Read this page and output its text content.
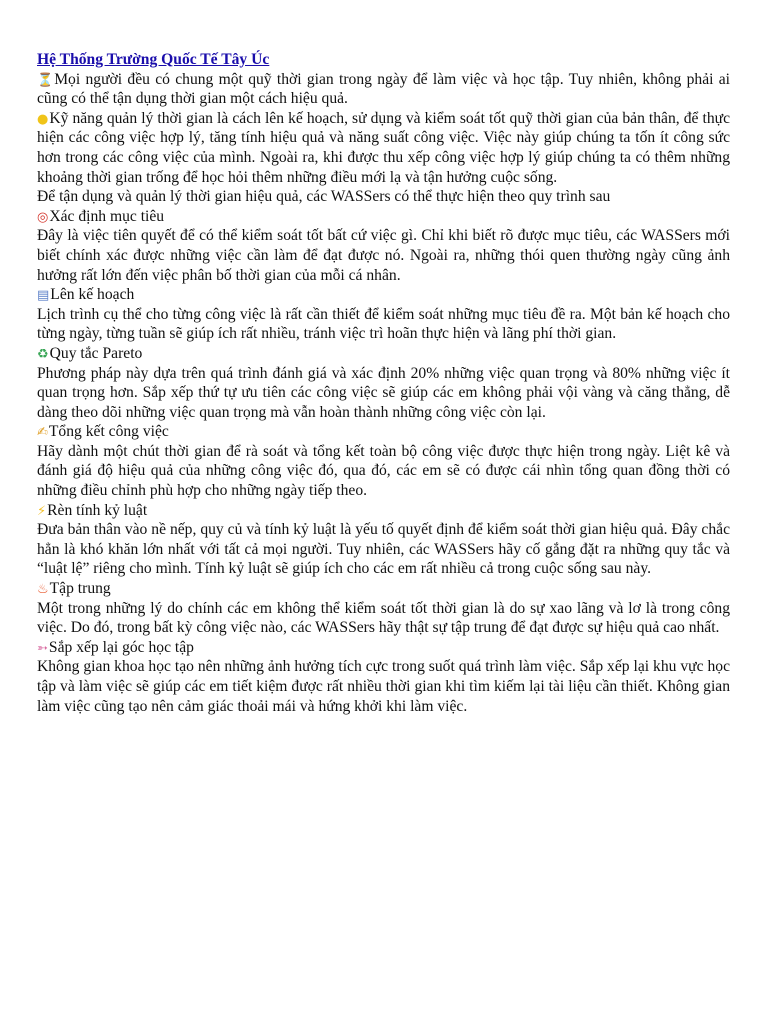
Hệ Thống Trường Quốc Tế Tây Úc

⏳Mọi người đều có chung một quỹ thời gian trong ngày để làm việc và học tập. Tuy nhiên, không phải ai cũng có thể tận dụng thời gian một cách hiệu quả.

●Kỹ năng quản lý thời gian là cách lên kế hoạch, sử dụng và kiểm soát tốt quỹ thời gian của bản thân, để thực hiện các công việc hợp lý, tăng tính hiệu quả và năng suất công việc. Việc này giúp chúng ta tốn ít công sức hơn trong các công việc của mình. Ngoài ra, khi được thu xếp công việc hợp lý giúp chúng ta có thêm những khoảng thời gian trống để học hỏi thêm những điều mới lạ và tận hưởng cuộc sống.

Để tận dụng và quản lý thời gian hiệu quả, các WASSers có thể thực hiện theo quy trình sau

◎Xác định mục tiêu

Đây là việc tiên quyết để có thể kiểm soát tốt bất cứ việc gì. Chỉ khi biết rõ được mục tiêu, các WASSers mới biết chính xác được những việc cần làm để đạt được nó. Ngoài ra, những thói quen thường ngày cũng ảnh hưởng rất lớn đến việc phân bố thời gian của mỗi cá nhân.

▤Lên kế hoạch

Lịch trình cụ thể cho từng công việc là rất cần thiết để kiểm soát những mục tiêu đề ra. Một bản kế hoạch cho từng ngày, từng tuần sẽ giúp ích rất nhiều, tránh việc trì hoãn thực hiện và lãng phí thời gian.

♻Quy tắc Pareto

Phương pháp này dựa trên quá trình đánh giá và xác định 20% những việc quan trọng và 80% những việc ít quan trọng hơn. Sắp xếp thứ tự ưu tiên các công việc sẽ giúp các em không phải vội vàng và căng thẳng, dễ dàng theo dõi những việc quan trọng mà vẫn hoàn thành những công việc còn lại.

✍Tổng kết công việc

Hãy dành một chút thời gian để rà soát và tổng kết toàn bộ công việc được thực hiện trong ngày. Liệt kê và đánh giá độ hiệu quả của những công việc đó, qua đó, các em sẽ có được cái nhìn tổng quan đồng thời có những điều chỉnh phù hợp cho những ngày tiếp theo.

⚡Rèn tính kỷ luật

Đưa bản thân vào nề nếp, quy củ và tính kỷ luật là yếu tố quyết định để kiểm soát thời gian hiệu quả. Đây chắc hẳn là khó khăn lớn nhất với tất cả mọi người. Tuy nhiên, các WASSers hãy cố gắng đặt ra những quy tắc và “luật lệ” riêng cho mình. Tính kỷ luật sẽ giúp ích cho các em rất nhiều cả trong cuộc sống sau này.

♨Tập trung

Một trong những lý do chính các em không thể kiểm soát tốt thời gian là do sự xao lãng và lơ là trong công việc. Do đó, trong bất kỳ công việc nào, các WASSers hãy thật sự tập trung để đạt được sự hiệu quả cao nhất.

➳Sắp xếp lại góc học tập

Không gian khoa học tạo nên những ảnh hưởng tích cực trong suốt quá trình làm việc. Sắp xếp lại khu vực học tập và làm việc sẽ giúp các em tiết kiệm được rất nhiều thời gian khi tìm kiếm lại tài liệu cần thiết. Không gian làm việc cũng tạo nên cảm giác thoải mái và hứng khởi khi làm việc.
